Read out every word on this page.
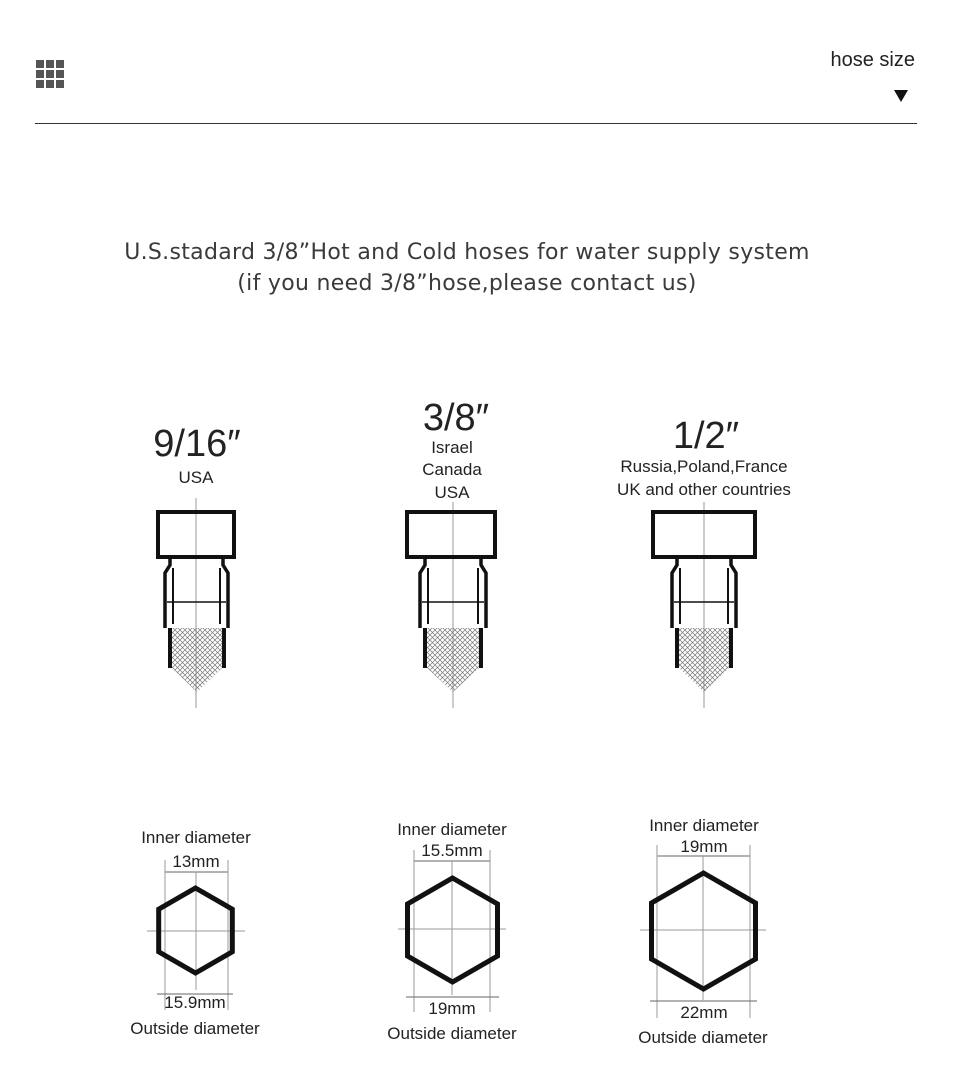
hose size
U.S.stadard 3/8”Hot and Cold hoses for water supply system
(if you need 3/8”hose,please contact us)
9/16″
USA
3/8″
Israel
Canada
USA
1/2″
Russia,Poland,France
UK and other countries
Inner diameter
13mm
15.9mm
Outside diameter
Inner diameter
15.5mm
19mm
Outside diameter
Inner diameter
19mm
22mm
Outside diameter
